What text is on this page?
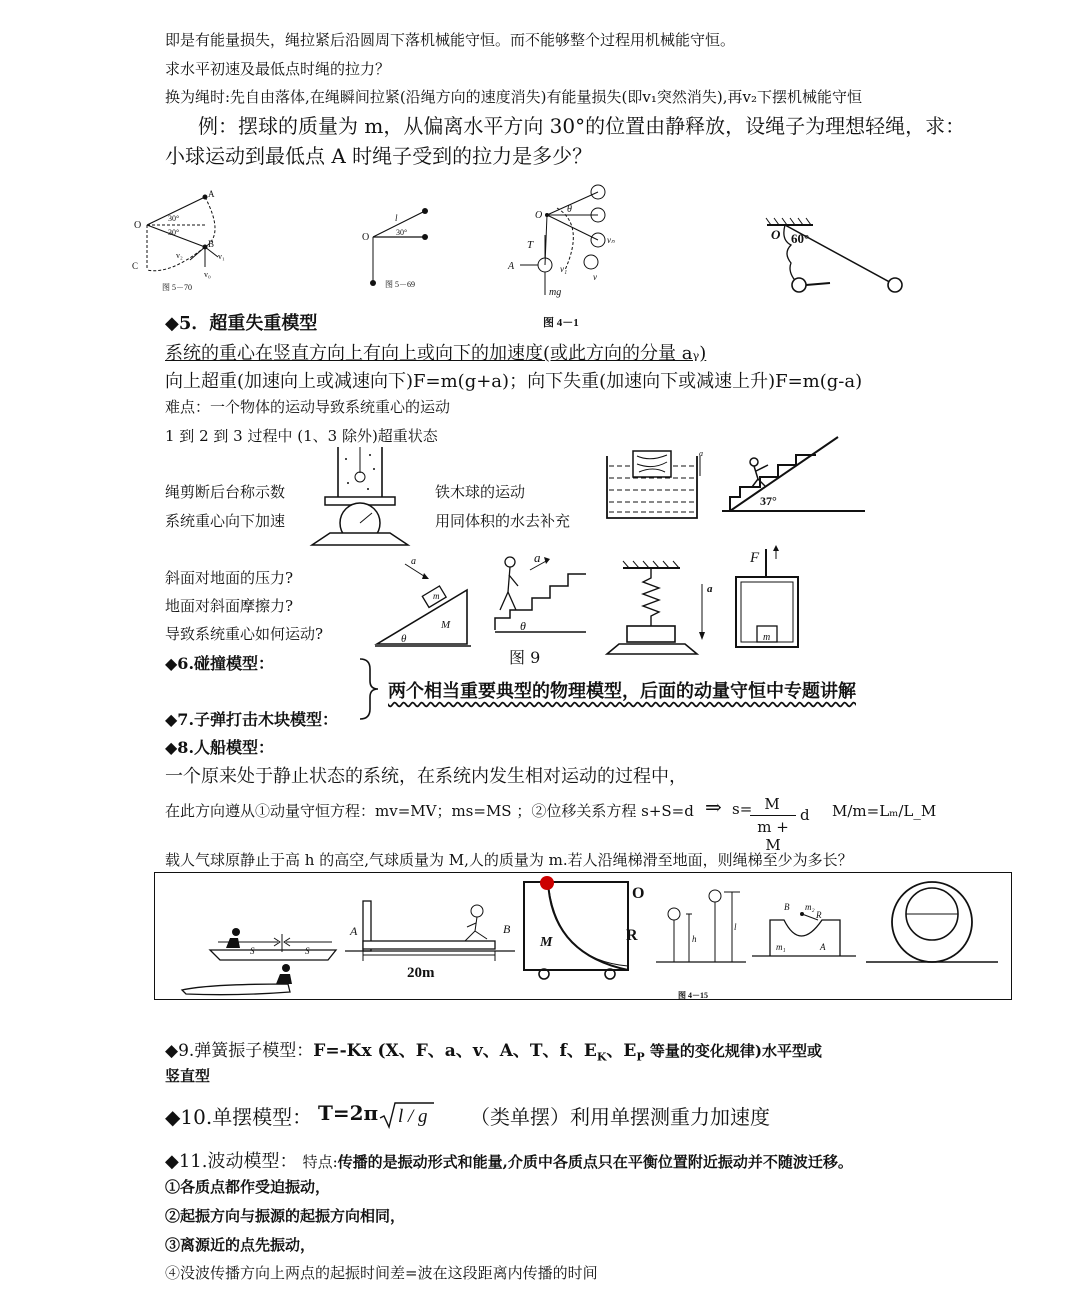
即是有能量损失，绳拉紧后沿圆周下落机械能守恒。而不能够整个过程用机械能守恒。
求水平初速及最低点时绳的拉力？
换为绳时:先自由落体,在绳瞬间拉紧(沿绳方向的速度消失)有能量损失(即v₁突然消失),再v₂下摆机械能守恒
例：摆球的质量为 m，从偏离水平方向 30°的位置由静释放，设绳子为理想轻绳，求：
小球运动到最低点 A 时绳子受到的拉力是多少？
O
A
B
C
30°
30°
v₂	v₁
v₀
图 5－70
O
l
30°
图 5－69
T
A
mg
O
θ
vₙ
v₁
v
图 4－1
O 60°
◆5．超重失重模型
系统的重心在竖直方向上有向上或向下的加速度(或此方向的分量 aᵧ)
向上超重(加速向上或减速向下)F=m(g+a)；向下失重(加速向下或减速上升)F=m(g-a)
难点：一个物体的运动导致系统重心的运动
1 到 2 到 3 过程中 (1、3 除外)超重状态
绳剪断后台称示数
系统重心向下加速
铁木球的运动
用同体积的水去补充
a
37°
斜面对地面的压力?
地面对斜面摩擦力?
导致系统重心如何运动?
a
m
M
θ
a
θ
图 9
a
F
m
◆6.碰撞模型：
◆7.子弹打击木块模型：
两个相当重要典型的物理模型，后面的动量守恒中专题讲解
◆8.人船模型：
一个原来处于静止状态的系统，在系统内发生相对运动的过程中，
在此方向遵从①动量守恒方程：mv=MV；ms=MS ；②位移关系方程 s+S=d ⇒ s= M
m + M
d M/m=Lₘ/L_M
载人气球原静止于高 h 的高空,气球质量为 M,人的质量为 m.若人沿绳梯滑至地面，则绳梯至少为多长？
S	S
A	B
20m
M
O
R	h
l
图 4－15
B m₂
R
m₁	A
◆9.弹簧振子模型：F=-Kx (X、F、a、v、A、T、f、$E_K$、$E_P$ 等量的变化规律)水平型或
竖直型
◆10.单摆模型： T=2π l / g （类单摆）利用单摆测重力加速度
◆11.波动模型： 特点:传播的是振动形式和能量,介质中各质点只在平衡位置附近振动并不随波迁移。
①各质点都作受迫振动，
②起振方向与振源的起振方向相同，
③离源近的点先振动，
④没波传播方向上两点的起振时间差=波在这段距离内传播的时间
